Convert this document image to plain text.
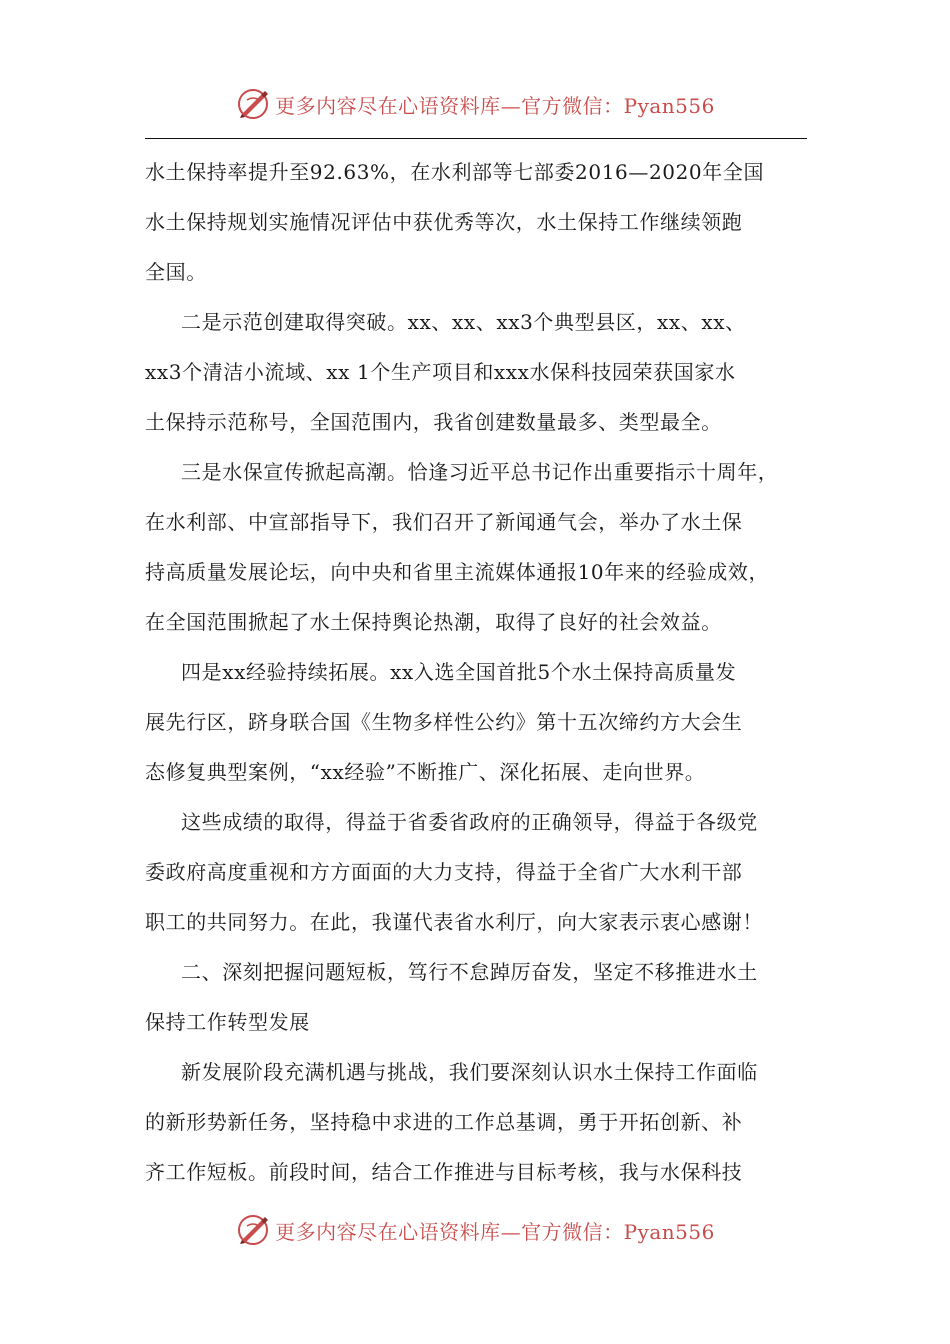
更多内容尽在心语资料库—官方微信：Pyan556
水土保持率提升至92.63%，在水利部等七部委2016—2020年全国
水土保持规划实施情况评估中获优秀等次，水土保持工作继续领跑
全国。
二是示范创建取得突破。xx、xx、xx3个典型县区，xx、xx、
xx3个清洁小流域、xx 1个生产项目和xxx水保科技园荣获国家水
土保持示范称号，全国范围内，我省创建数量最多、类型最全。
三是水保宣传掀起高潮。恰逢习近平总书记作出重要指示十周年，
在水利部、中宣部指导下，我们召开了新闻通气会，举办了水土保
持高质量发展论坛，向中央和省里主流媒体通报10年来的经验成效，
在全国范围掀起了水土保持舆论热潮，取得了良好的社会效益。
四是xx经验持续拓展。xx入选全国首批5个水土保持高质量发
展先行区，跻身联合国《生物多样性公约》第十五次缔约方大会生
态修复典型案例，“xx经验”不断推广、深化拓展、走向世界。
这些成绩的取得，得益于省委省政府的正确领导，得益于各级党
委政府高度重视和方方面面的大力支持，得益于全省广大水利干部
职工的共同努力。在此，我谨代表省水利厅，向大家表示衷心感谢！
二、深刻把握问题短板，笃行不怠踔厉奋发，坚定不移推进水土
保持工作转型发展
新发展阶段充满机遇与挑战，我们要深刻认识水土保持工作面临
的新形势新任务，坚持稳中求进的工作总基调，勇于开拓创新、补
齐工作短板。前段时间，结合工作推进与目标考核，我与水保科技
更多内容尽在心语资料库—官方微信：Pyan556
